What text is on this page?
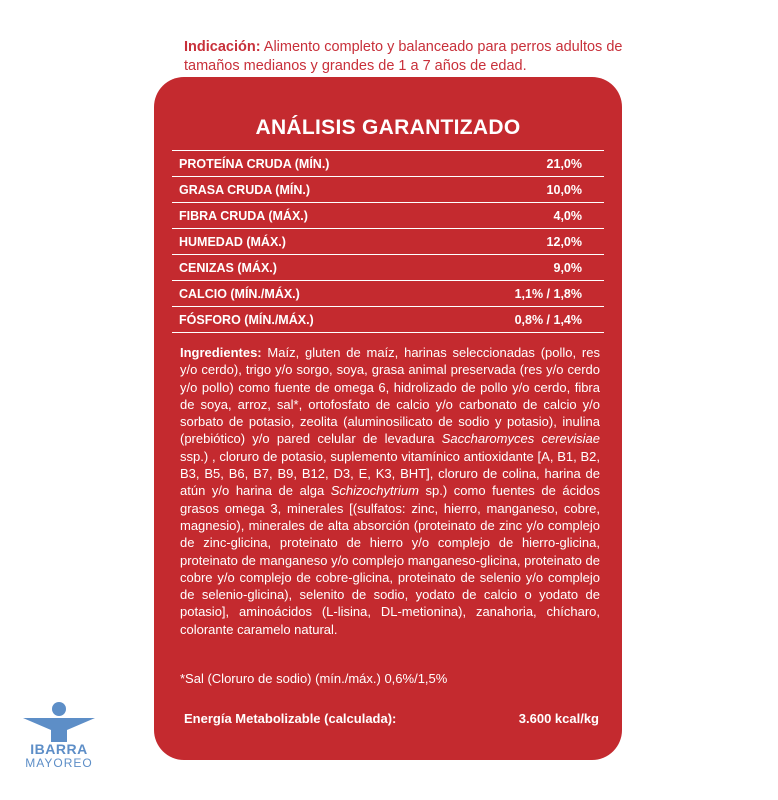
Indicación: Alimento completo y balanceado para perros adultos de tamaños medianos y grandes de 1 a 7 años de edad.
ANÁLISIS GARANTIZADO
PROTEÍNA CRUDA (MÍN.)	21,0%
GRASA CRUDA (MÍN.)	10,0%
FIBRA CRUDA (MÁX.)	4,0%
HUMEDAD (MÁX.)	12,0%
CENIZAS (MÁX.)	9,0%
CALCIO (MÍN./MÁX.)	1,1% / 1,8%
FÓSFORO (MÍN./MÁX.)	0,8% / 1,4%
Ingredientes: Maíz, gluten de maíz, harinas seleccionadas (pollo, res y/o cerdo), trigo y/o sorgo, soya, grasa animal preservada (res y/o cerdo y/o pollo) como fuente de omega 6, hidrolizado de pollo y/o cerdo, fibra de soya, arroz, sal*, ortofosfato de calcio y/o carbonato de calcio y/o sorbato de potasio, zeolita (aluminosilicato de sodio y potasio), inulina (prebiótico) y/o pared celular de levadura Saccharomyces cerevisiae ssp.) , cloruro de potasio, suplemento vitamínico antioxidante [A, B1, B2, B3, B5, B6, B7, B9, B12, D3, E, K3, BHT], cloruro de colina, harina de atún y/o harina de alga Schizochytrium sp.) como fuentes de ácidos grasos omega 3, minerales [(sulfatos: zinc, hierro, manganeso, cobre, magnesio), minerales de alta absorción (proteinato de zinc y/o complejo de zinc-glicina, proteinato de hierro y/o complejo de hierro-glicina, proteinato de manganeso y/o complejo manganeso-glicina, proteinato de cobre y/o complejo de cobre-glicina, proteinato de selenio y/o complejo de selenio-glicina), selenito de sodio, yodato de calcio o yodato de potasio], aminoácidos (L-lisina, DL-metionina), zanahoria, chícharo, colorante caramelo natural.
*Sal (Cloruro de sodio) (mín./máx.) 0,6%/1,5%
Energía Metabolizable (calculada):	3.600 kcal/kg
IBARRA
MAYOREO
